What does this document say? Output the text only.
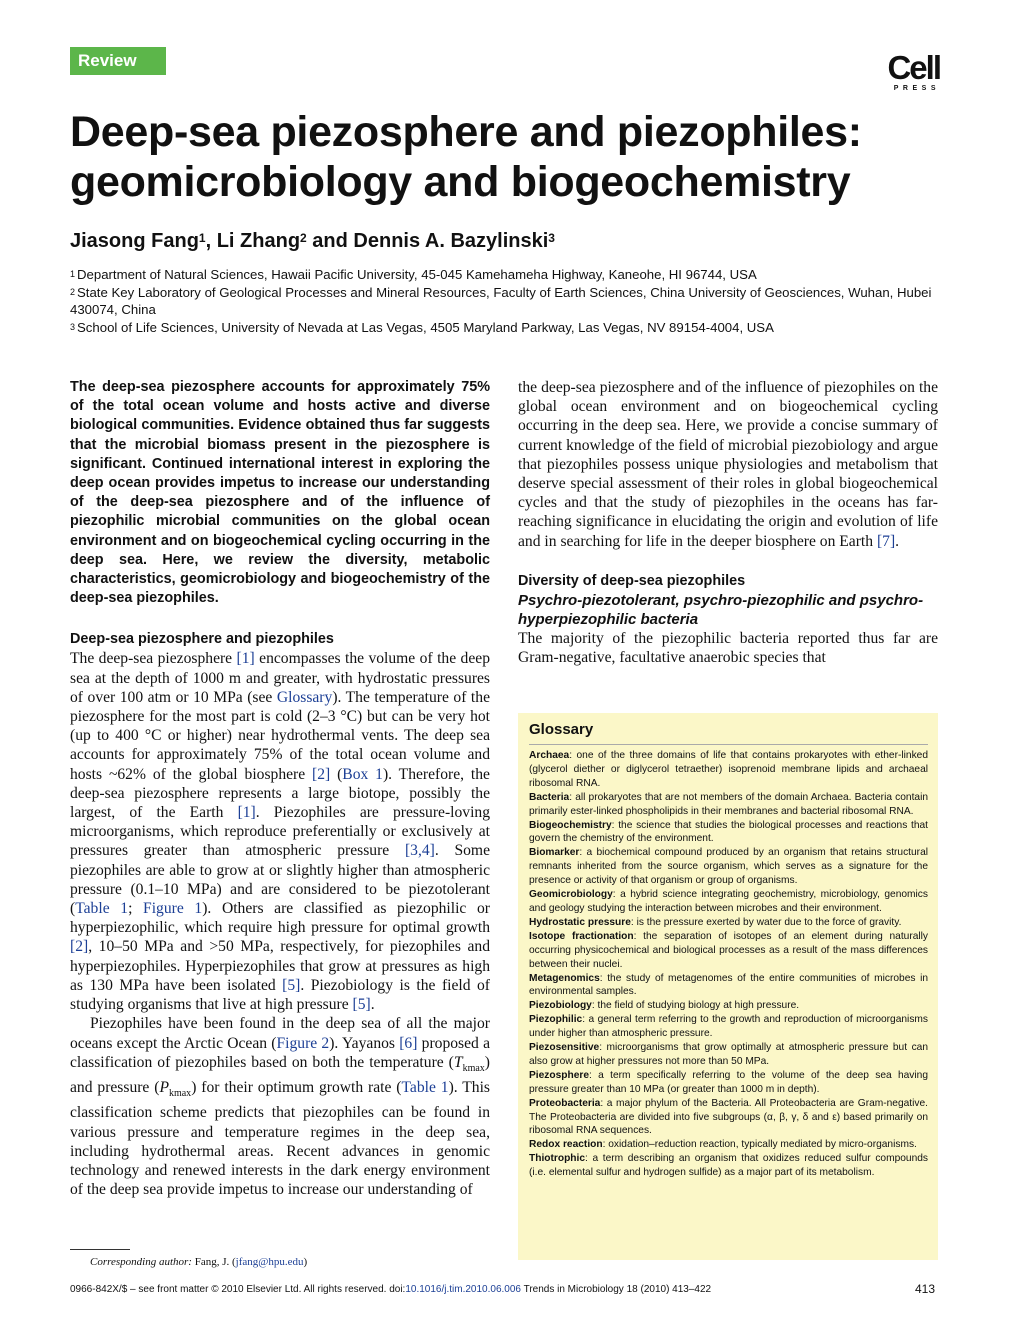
Review	Cell
PRESS
Deep-sea piezosphere and piezophiles: geomicrobiology and biogeochemistry
Jiasong Fang$^1$, Li Zhang$^2$ and Dennis A. Bazylinski$^3$
$^1$ Department of Natural Sciences, Hawaii Pacific University, 45-045 Kamehameha Highway, Kaneohe, HI 96744, USA
$^2$ State Key Laboratory of Geological Processes and Mineral Resources, Faculty of Earth Sciences, China University of Geosciences, Wuhan, Hubei 430074, China
$^3$ School of Life Sciences, University of Nevada at Las Vegas, 4505 Maryland Parkway, Las Vegas, NV 89154-4004, USA

The deep-sea piezosphere accounts for approximately 75% of the total ocean volume and hosts active and diverse biological communities. Evidence obtained thus far suggests that the microbial biomass present in the piezosphere is significant. Continued international interest in exploring the deep ocean provides impetus to increase our understanding of the deep-sea piezosphere and of the influence of piezophilic microbial communities on the global ocean environment and on biogeochemical cycling occurring in the deep sea. Here, we review the diversity, metabolic characteristics, geomicrobiology and biogeochemistry of the deep-sea piezophiles.

Deep-sea piezosphere and piezophiles

The deep-sea piezosphere [1] encompasses the volume of the deep sea at the depth of 1000 m and greater, with hydrostatic pressures of over 100 atm or 10 MPa (see Glossary). The temperature of the piezosphere for the most part is cold (2–3 °C) but can be very hot (up to 400 °C or higher) near hydrothermal vents. The deep sea accounts for approximately 75% of the total ocean volume and hosts ~62% of the global biosphere [2] (Box 1). Therefore, the deep-sea piezosphere represents a large biotope, possibly the largest, of the Earth [1]. Piezophiles are pressure-loving microorganisms, which reproduce preferentially or exclusively at pressures greater than atmospheric pressure [3,4]. Some piezophiles are able to grow at or slightly higher than atmospheric pressure (0.1–10 MPa) and are considered to be piezotolerant (Table 1; Figure 1). Others are classified as piezophilic or hyperpiezophilic, which require high pressure for optimal growth [2], 10–50 MPa and >50 MPa, respectively, for piezophiles and hyperpiezophiles. Hyperpiezophiles that grow at pressures as high as 130 MPa have been isolated [5]. Piezobiology is the field of studying organisms that live at high pressure [5].

Piezophiles have been found in the deep sea of all the major oceans except the Arctic Ocean (Figure 2). Yayanos [6] proposed a classification of piezophiles based on both the temperature $(T_{kmax})$ and pressure $(P_{kmax})$ for their optimum growth rate (Table 1). This classification scheme predicts that piezophiles can be found in various pressure and temperature regimes in the deep sea, including hydrothermal areas. Recent advances in genomic technology and renewed interests in the dark energy environment of the deep sea provide impetus to increase our understanding of

the deep-sea piezosphere and of the influence of piezophiles on the global ocean environment and on biogeochemical cycling occurring in the deep sea. Here, we provide a concise summary of current knowledge of the field of microbial piezobiology and argue that piezophiles possess unique physiologies and metabolism that deserve special assessment of their roles in global biogeochemical cycles and that the study of piezophiles in the oceans has far-reaching significance in elucidating the origin and evolution of life and in searching for life in the deeper biosphere on Earth [7].

Diversity of deep-sea piezophiles
Psychro-piezotolerant, psychro-piezophilic and psychro-hyperpiezophilic bacteria

The majority of the piezophilic bacteria reported thus far are Gram-negative, facultative anaerobic species that

Glossary

Archaea: one of the three domains of life that contains prokaryotes with ether-linked (glycerol diether or diglycerol tetraether) isoprenoid membrane lipids and archaeal ribosomal RNA.

Bacteria: all prokaryotes that are not members of the domain Archaea. Bacteria contain primarily ester-linked phospholipids in their membranes and bacterial ribosomal RNA.

Biogeochemistry: the science that studies the biological processes and reactions that govern the chemistry of the environment.

Biomarker: a biochemical compound produced by an organism that retains structural remnants inherited from the source organism, which serves as a signature for the presence or activity of that organism or group of organisms.

Geomicrobiology: a hybrid science integrating geochemistry, microbiology, genomics and geology studying the interaction between microbes and their environment.

Hydrostatic pressure: is the pressure exerted by water due to the force of gravity.

Isotope fractionation: the separation of isotopes of an element during naturally occurring physicochemical and biological processes as a result of the mass differences between their nuclei.

Metagenomics: the study of metagenomes of the entire communities of microbes in environmental samples.

Piezobiology: the field of studying biology at high pressure.

Piezophilic: a general term referring to the growth and reproduction of microorganisms under higher than atmospheric pressure.

Piezosensitive: microorganisms that grow optimally at atmospheric pressure but can also grow at higher pressures not more than 50 MPa.

Piezosphere: a term specifically referring to the volume of the deep sea having pressure greater than 10 MPa (or greater than 1000 m in depth).

Proteobacteria: a major phylum of the Bacteria. All Proteobacteria are Gram-negative. The Proteobacteria are divided into five subgroups (α, β, γ, δ and ε) based primarily on ribosomal RNA sequences.

Redox reaction: oxidation–reduction reaction, typically mediated by micro-organisms.

Thiotrophic: a term describing an organism that oxidizes reduced sulfur compounds (i.e. elemental sulfur and hydrogen sulfide) as a major part of its metabolism.

Corresponding author: Fang, J. (jfang@hpu.edu)
0966-842X/$ – see front matter © 2010 Elsevier Ltd. All rights reserved. doi:10.1016/j.tim.2010.06.006 Trends in Microbiology 18 (2010) 413–422	413
